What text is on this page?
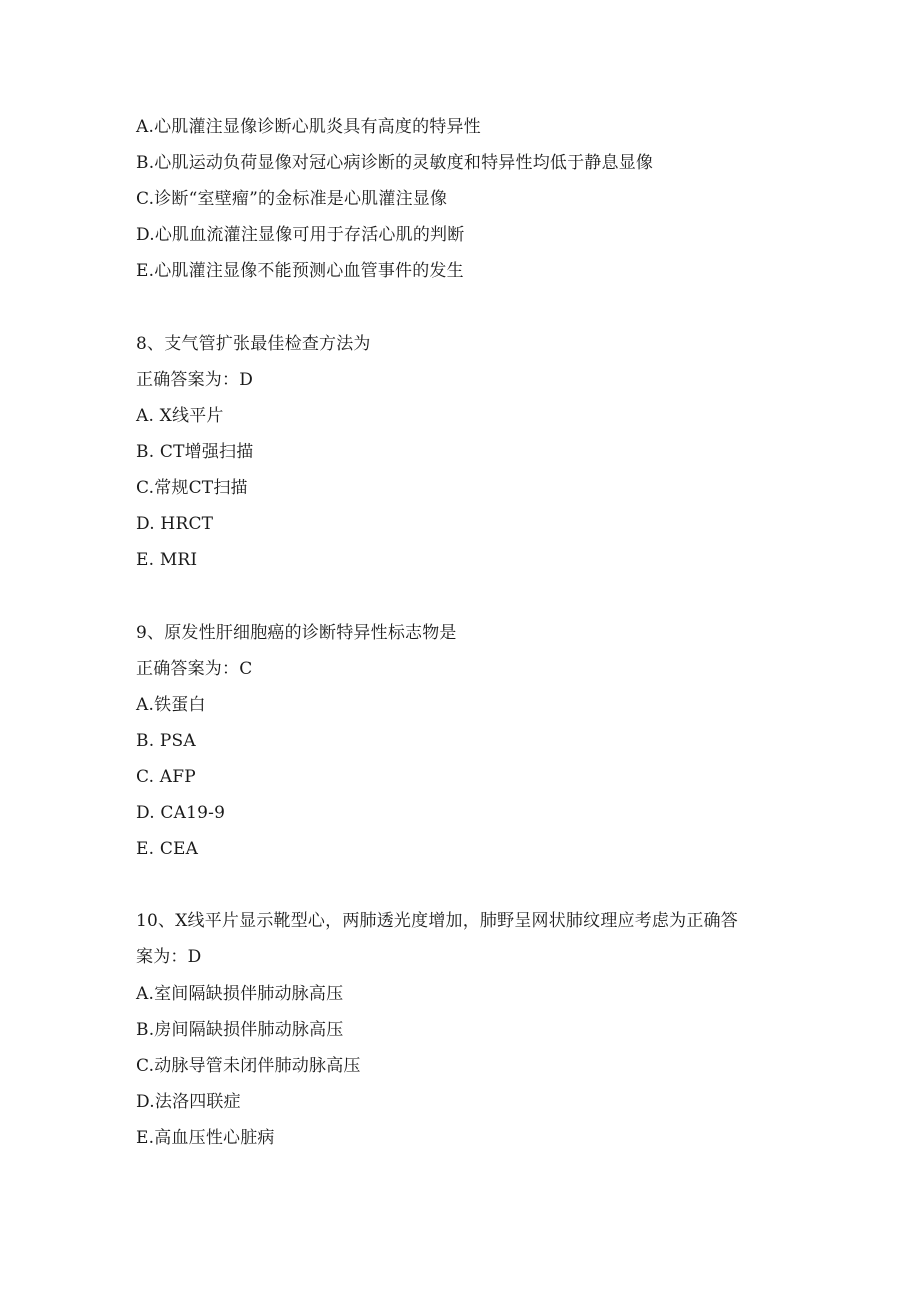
A.心肌灌注显像诊断心肌炎具有高度的特异性
B.心肌运动负荷显像对冠心病诊断的灵敏度和特异性均低于静息显像
C.诊断“室壁瘤”的金标准是心肌灌注显像
D.心肌血流灌注显像可用于存活心肌的判断
E.心肌灌注显像不能预测心血管事件的发生
8、支气管扩张最佳检查方法为
正确答案为：D
A. X线平片
B. CT增强扫描
C.常规CT扫描
D. HRCT
E. MRI
9、原发性肝细胞癌的诊断特异性标志物是
正确答案为：C
A.铁蛋白
B. PSA
C. AFP
D. CA19-9
E. CEA
10、X线平片显示靴型心，两肺透光度增加，肺野呈网状肺纹理应考虑为正确答
案为：D
A.室间隔缺损伴肺动脉高压
B.房间隔缺损伴肺动脉高压
C.动脉导管未闭伴肺动脉高压
D.法洛四联症
E.高血压性心脏病
